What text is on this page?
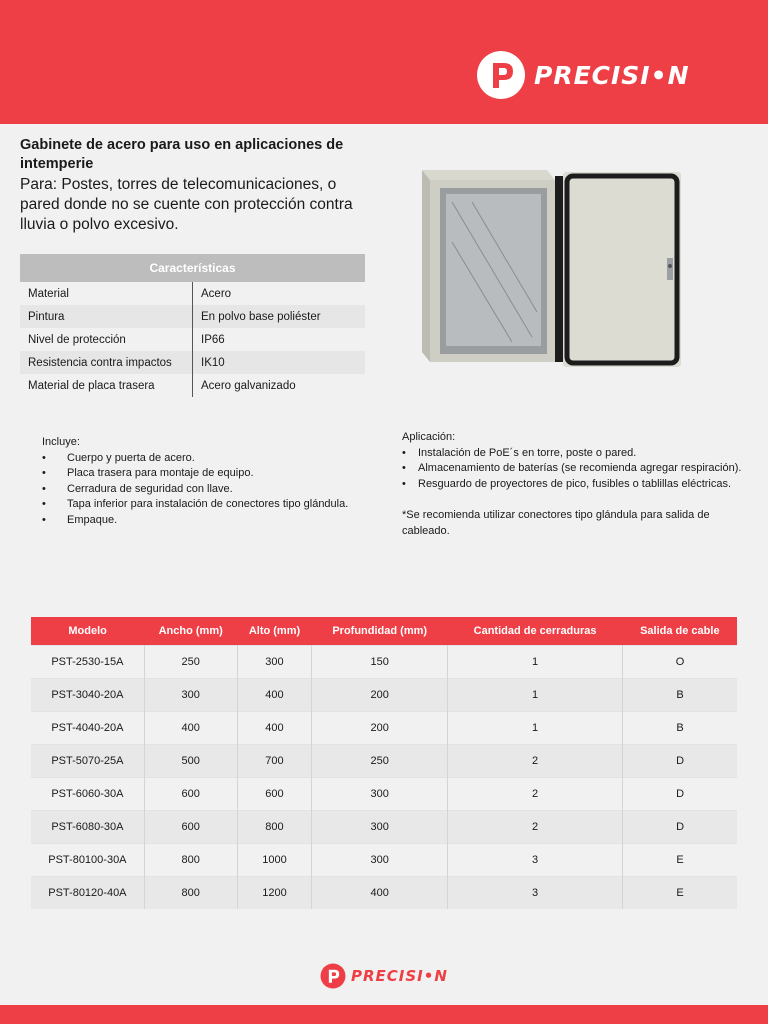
PRECISI•N

Gabinete de acero para uso en aplicaciones de intemperie

Para: Postes, torres de telecomunicaciones, o pared donde no se cuente con protección contra lluvia o polvo excesivo.

Características	
Material	Acero
Pintura	En polvo base poliéster
Nivel de protección	IP66
Resistencia contra impactos	IK10
Material de placa trasera	Acero galvanizado
Incluye:
• Cuerpo y puerta de acero.
• Placa trasera para montaje de equipo.
• Cerradura de seguridad con llave.
• Tapa inferior para instalación de conectores tipo glándula.
• Empaque.
Aplicación:
• Instalación de PoE´s en torre, poste o pared.
• Almacenamiento de baterías (se recomienda agregar respiración).
• Resguardo de proyectores de pico, fusibles o tablillas eléctricas.
*Se recomienda utilizar conectores tipo glándula para salida de cableado.
Modelo	Ancho (mm)	Alto (mm)	Profundidad (mm)	Cantidad de cerraduras	Salida de cable
PST-2530-15A	250	300	150	1	O
PST-3040-20A	300	400	200	1	B
PST-4040-20A	400	400	200	1	B
PST-5070-25A	500	700	250	2	D
PST-6060-30A	600	600	300	2	D
PST-6080-30A	600	800	300	2	D
PST-80100-30A	800	1000	300	3	E
PST-80120-40A	800	1200	400	3	E
PRECISI•N
